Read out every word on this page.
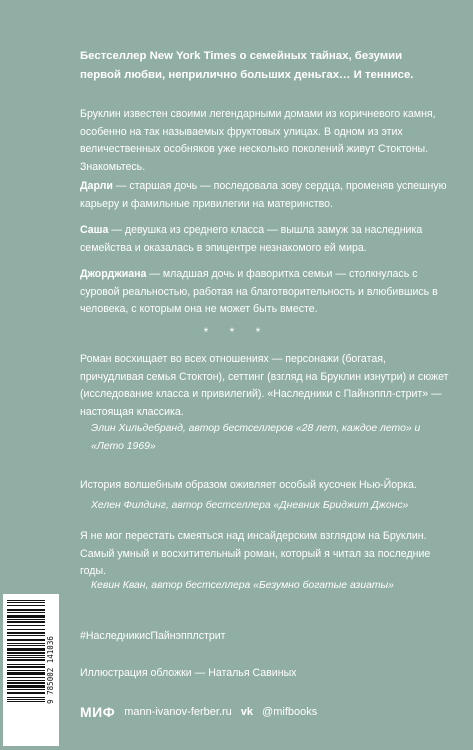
Бестселлер New York Times о семейных тайнах, безумии первой любви, неприлично больших деньгах… И теннисе.
Бруклин известен своими легендарными домами из коричневого камня, особенно на так называемых фруктовых улицах. В одном из этих величественных особняков уже несколько поколений живут Стоктоны. Знакомьтесь.
Дарли — старшая дочь — последовала зову сердца, променяв успешную карьеру и фамильные привилегии на материнство.
Саша — девушка из среднего класса — вышла замуж за наследника семейства и оказалась в эпицентре незнакомого ей мира.
Джорджиана — младшая дочь и фаворитка семьи — столкнулась с суровой реальностью, работая на благотворительность и влюбившись в человека, с которым она не может быть вместе.
* * *
Роман восхищает во всех отношениях — персонажи (богатая, причудливая семья Стоктон), сеттинг (взгляд на Бруклин изнутри) и сюжет (исследование класса и привилегий). «Наследники с Пайнэппл-стрит» — настоящая классика.
Элин Хильдебранд, автор бестселлеров «28 лет, каждое лето» и «Лето 1969»
История волшебным образом оживляет особый кусочек Нью-Йорка.
Хелен Филдинг, автор бестселлера «Дневник Бриджит Джонс»
Я не мог перестать смеяться над инсайдерским взглядом на Бруклин. Самый умный и восхитительный роман, который я читал за последние годы.
Кевин Кван, автор бестселлера «Безумно богатые азиаты»
#НаследникисПайнэпплстрит
Иллюстрация обложки — Наталья Савиных
МИФ mann-ivanov-ferber.ru vk @mifbooks
9 785002 141036
